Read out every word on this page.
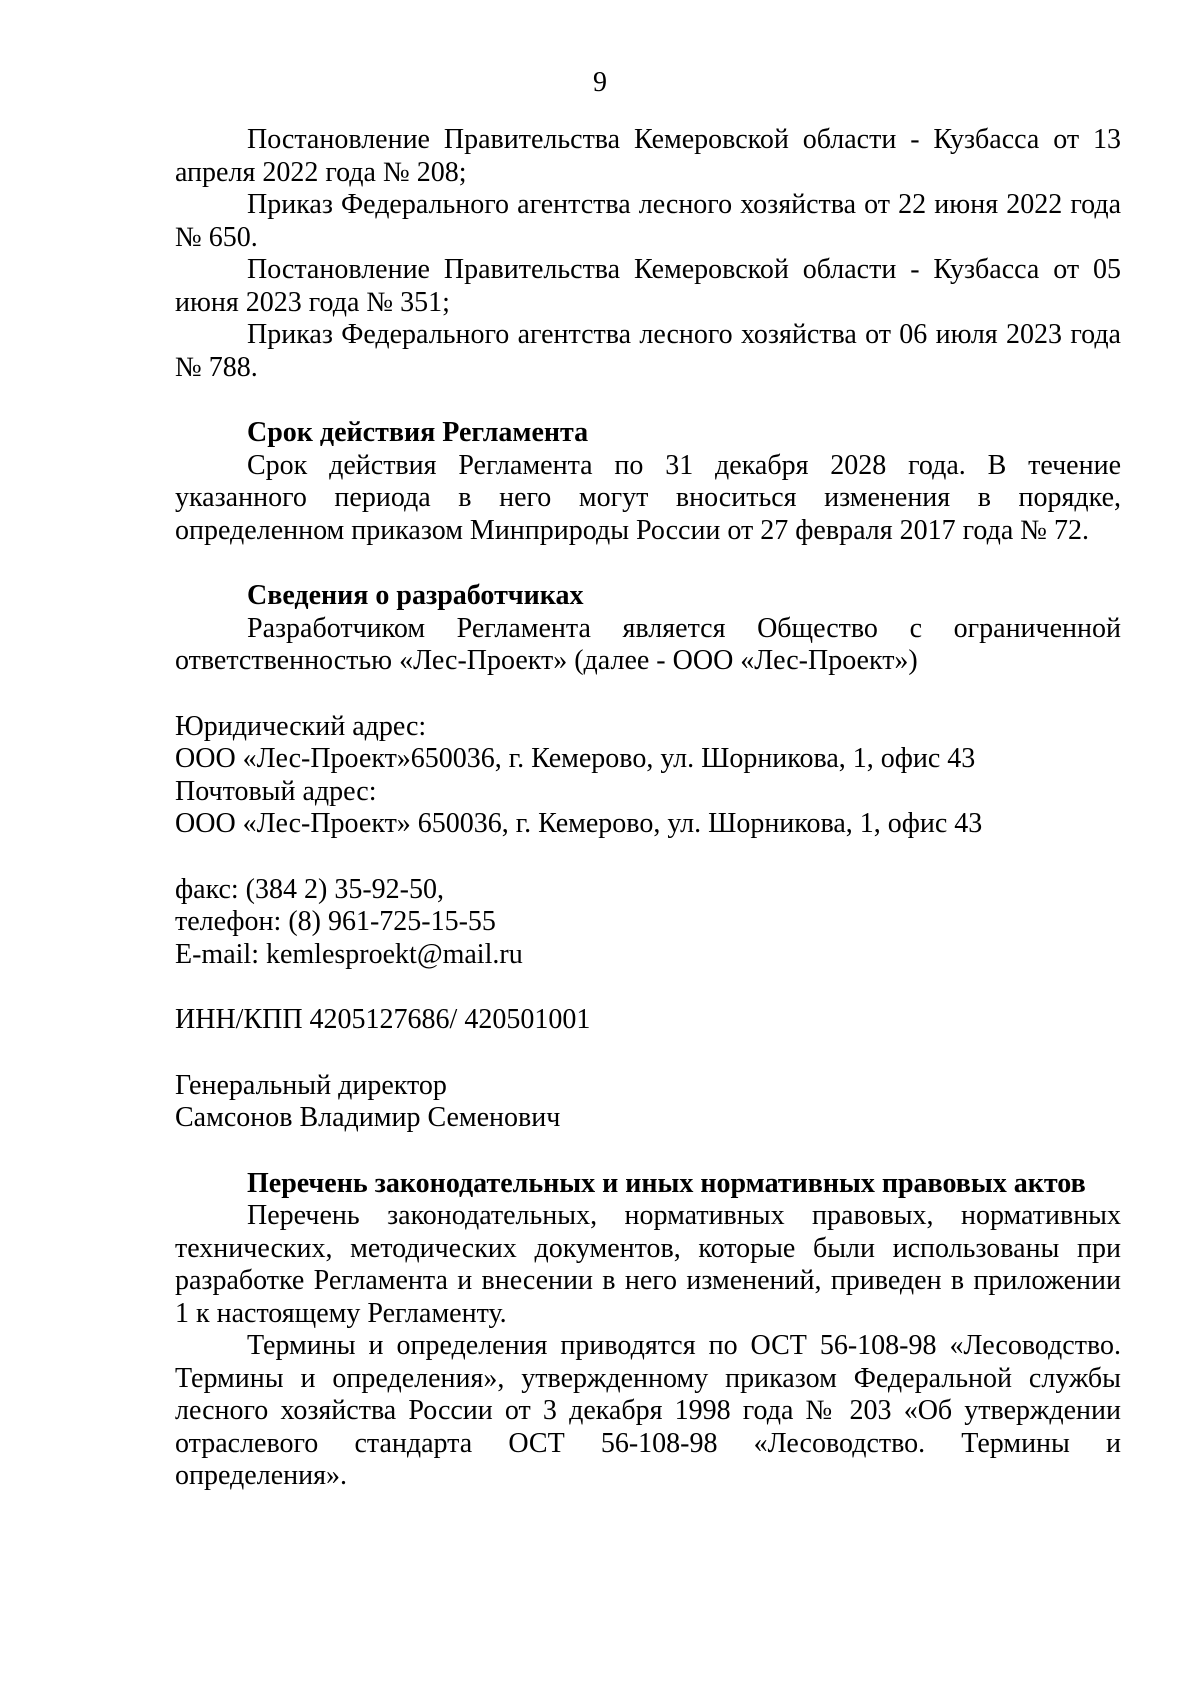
9

Постановление Правительства Кемеровской области - Кузбасса от 13 апреля 2022 года № 208;

Приказ Федерального агентства лесного хозяйства от 22 июня 2022 года № 650.

Постановление Правительства Кемеровской области - Кузбасса от 05 июня 2023 года № 351;

Приказ Федерального агентства лесного хозяйства от 06 июля 2023 года № 788.

Срок действия Регламента

Срок действия Регламента по 31 декабря 2028 года. В течение указанного периода в него могут вноситься изменения в порядке, определенном приказом Минприроды России от 27 февраля 2017 года № 72.

Сведения о разработчиках

Разработчиком Регламента является Общество с ограниченной ответственностью «Лес-Проект» (далее - ООО «Лес-Проект»)

Юридический адрес:

ООО «Лес-Проект»650036, г. Кемерово, ул. Шорникова, 1, офис 43

Почтовый адрес:

ООО «Лес-Проект» 650036, г. Кемерово, ул. Шорникова, 1, офис 43

факс: (384 2) 35-92-50,

телефон: (8) 961-725-15-55

E-mail: kemlesproekt@mail.ru

ИНН/КПП 4205127686/ 420501001

Генеральный директор

Самсонов Владимир Семенович

Перечень законодательных и иных нормативных правовых актов

Перечень законодательных, нормативных правовых, нормативных технических, методических документов, которые были использованы при разработке Регламента и внесении в него изменений, приведен в приложении 1 к настоящему Регламенту.

Термины и определения приводятся по ОСТ 56-108-98 «Лесоводство. Термины и определения», утвержденному приказом Федеральной службы лесного хозяйства России от 3 декабря 1998 года № 203 «Об утверждении отраслевого стандарта ОСТ 56-108-98 «Лесоводство. Термины и определения».
